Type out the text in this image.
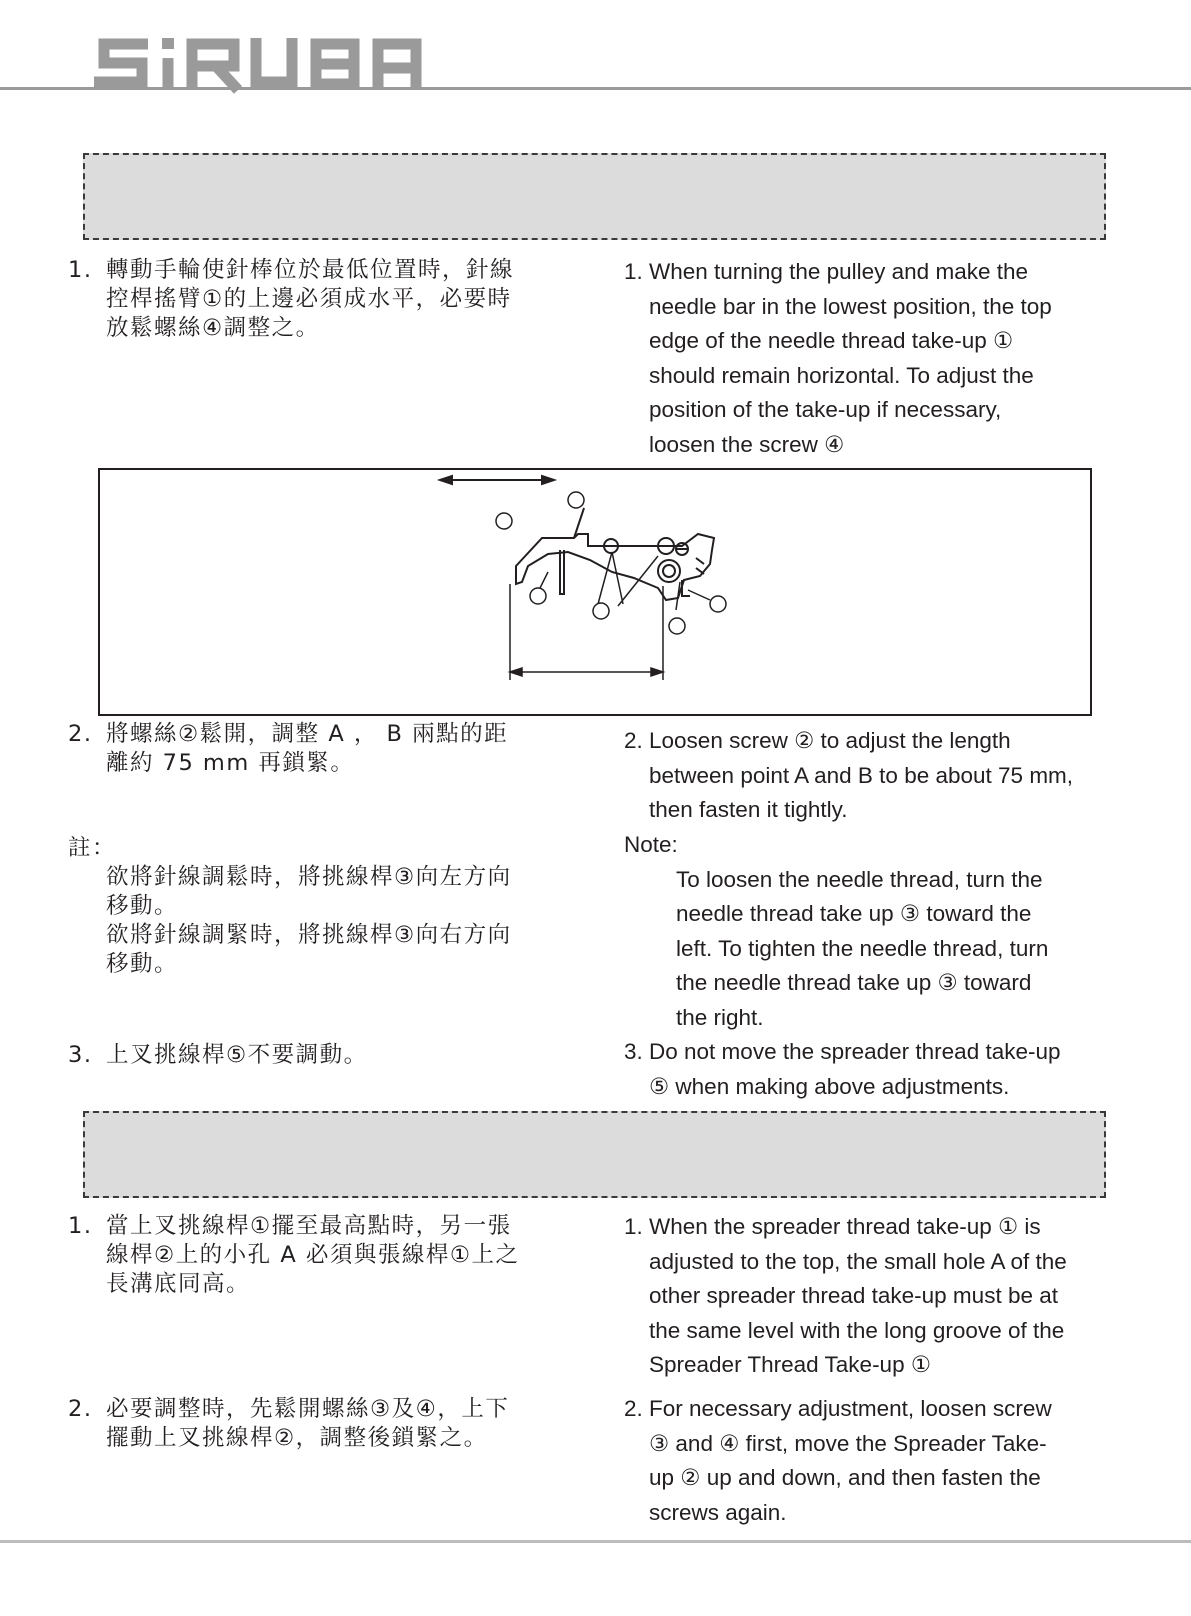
1. 轉動手輪使針棒位於最低位置時，針線
控桿搖臂①的上邊必須成水平，必要時
放鬆螺絲④調整之。
1. When turning the pulley and make the
needle bar in the lowest position, the top
edge of the needle thread take-up ①
should remain horizontal. To adjust the
position of the take-up if necessary,
loosen the screw ④
2. 將螺絲②鬆開，調整 A ， B 兩點的距
離約 75 mm 再鎖緊。
2. Loosen screw ② to adjust the length
between point A and B to be about 75 mm,
then fasten it tightly.
註：
欲將針線調鬆時，將挑線桿③向左方向
移動。
欲將針線調緊時，將挑線桿③向右方向
移動。
Note:
To loosen the needle thread, turn the
needle thread take up ③ toward the
left. To tighten the needle thread, turn
the needle thread take up ③ toward
the right.
3. 上叉挑線桿⑤不要調動。	3. Do not move the spreader thread take-up
⑤ when making above adjustments.
1. 當上叉挑線桿①擺至最高點時，另一張
線桿②上的小孔 A 必須與張線桿①上之
長溝底同高。
1. When the spreader thread take-up ① is
adjusted to the top, the small hole A of the
other spreader thread take-up must be at
the same level with the long groove of the
Spreader Thread Take-up ①
2. 必要調整時，先鬆開螺絲③及④，上下
擺動上叉挑線桿②，調整後鎖緊之。
2. For necessary adjustment, loosen screw
③ and ④ first, move the Spreader Take-
up ② up and down, and then fasten the
screws again.
